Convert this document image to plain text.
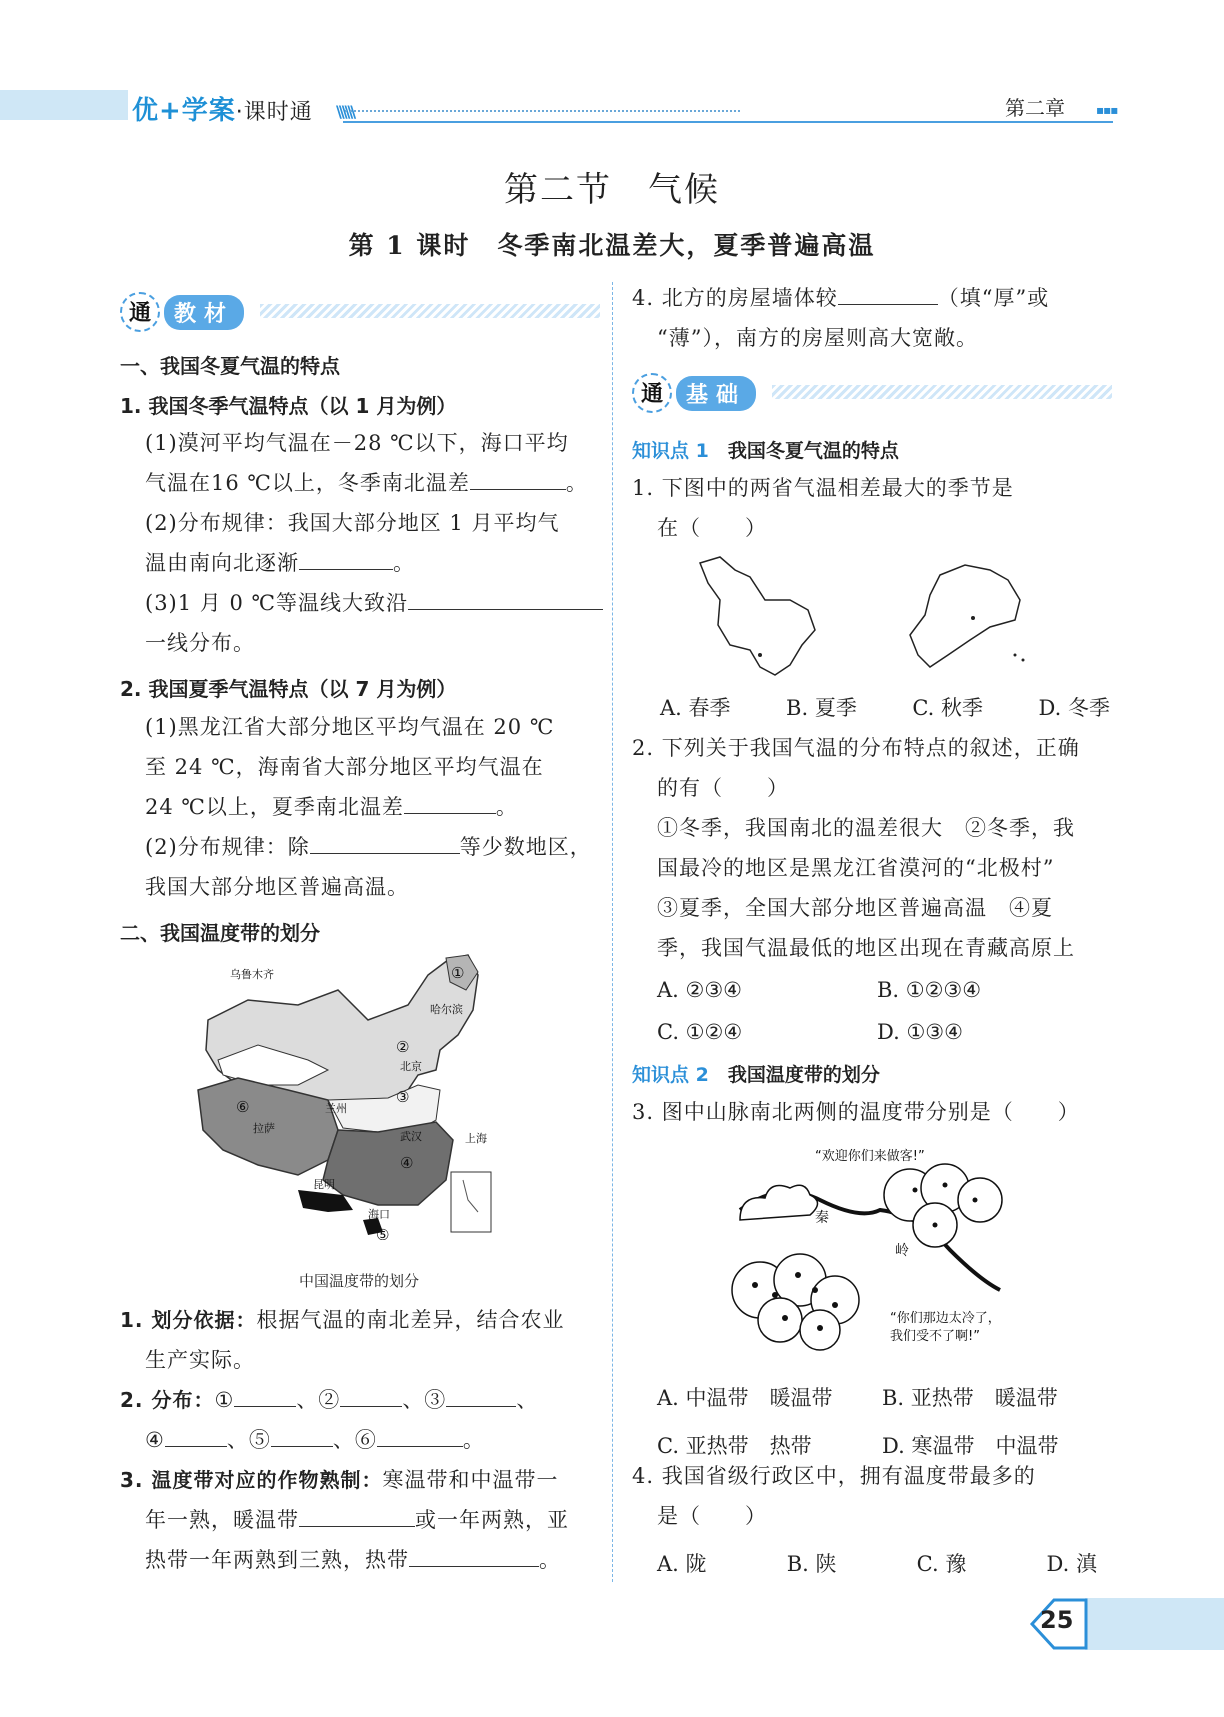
优+学案·课时通 \\\\\\	第二章	▪▪▪
第二节　气候
第 1 课时　冬季南北温差大，夏季普遍高温
通	教材
一、我国冬夏气温的特点
1. 我国冬季气温特点（以 1 月为例）
(1)漠河平均气温在－28 ℃以下，海口平均
气温在16 ℃以上，冬季南北温差	。
(2)分布规律：我国大部分地区 1 月平均气
温由南向北逐渐	。
(3)1 月 0 ℃等温线大致沿
一线分布。
2. 我国夏季气温特点（以 7 月为例）
(1)黑龙江省大部分地区平均气温在 20 ℃
至 24 ℃，海南省大部分地区平均气温在
24 ℃以上，夏季南北温差	。
(2)分布规律：除	等少数地区，
我国大部分地区普遍高温。
二、我国温度带的划分
乌鲁木齐
哈尔滨
北京
兰州
拉萨
武汉	上海
昆明
海口
①
②
③
④
⑤
⑥
中国温度带的划分
1. 划分依据：根据气温的南北差异，结合农业
生产实际。
2. 分布：①	、②	、③	、
④	、⑤	、⑥	。
3. 温度带对应的作物熟制：寒温带和中温带一
年一熟，暖温带	或一年两熟，亚
热带一年两熟到三熟，热带	。
4. 北方的房屋墙体较	（填“厚”或
“薄”），南方的房屋则高大宽敞。
通	基础
知识点 1　 我国冬夏气温的特点
1. 下图中的两省气温相差最大的季节是
在（　　）
A. 春季	B. 夏季	C. 秋季	D. 冬季
2. 下列关于我国气温的分布特点的叙述，正确
的有（　　）
①冬季，我国南北的温差很大　②冬季，我
国最冷的地区是黑龙江省漠河的“北极村”
③夏季，全国大部分地区普遍高温　④夏
季，我国气温最低的地区出现在青藏高原上
A. ②③④	B. ①②③④
C. ①②④	D. ①③④
知识点 2　 我国温度带的划分
3. 图中山脉南北两侧的温度带分别是（　　）
“欢迎你们来做客!”
秦
岭
“你们那边太冷了，
我们受不了啊!”
A. 中温带　暖温带	B. 亚热带　暖温带
C. 亚热带　热带	D. 寒温带　中温带
4. 我国省级行政区中，拥有温度带最多的
是（　　）
A. 陇	B. 陕	C. 豫	D. 滇
25
